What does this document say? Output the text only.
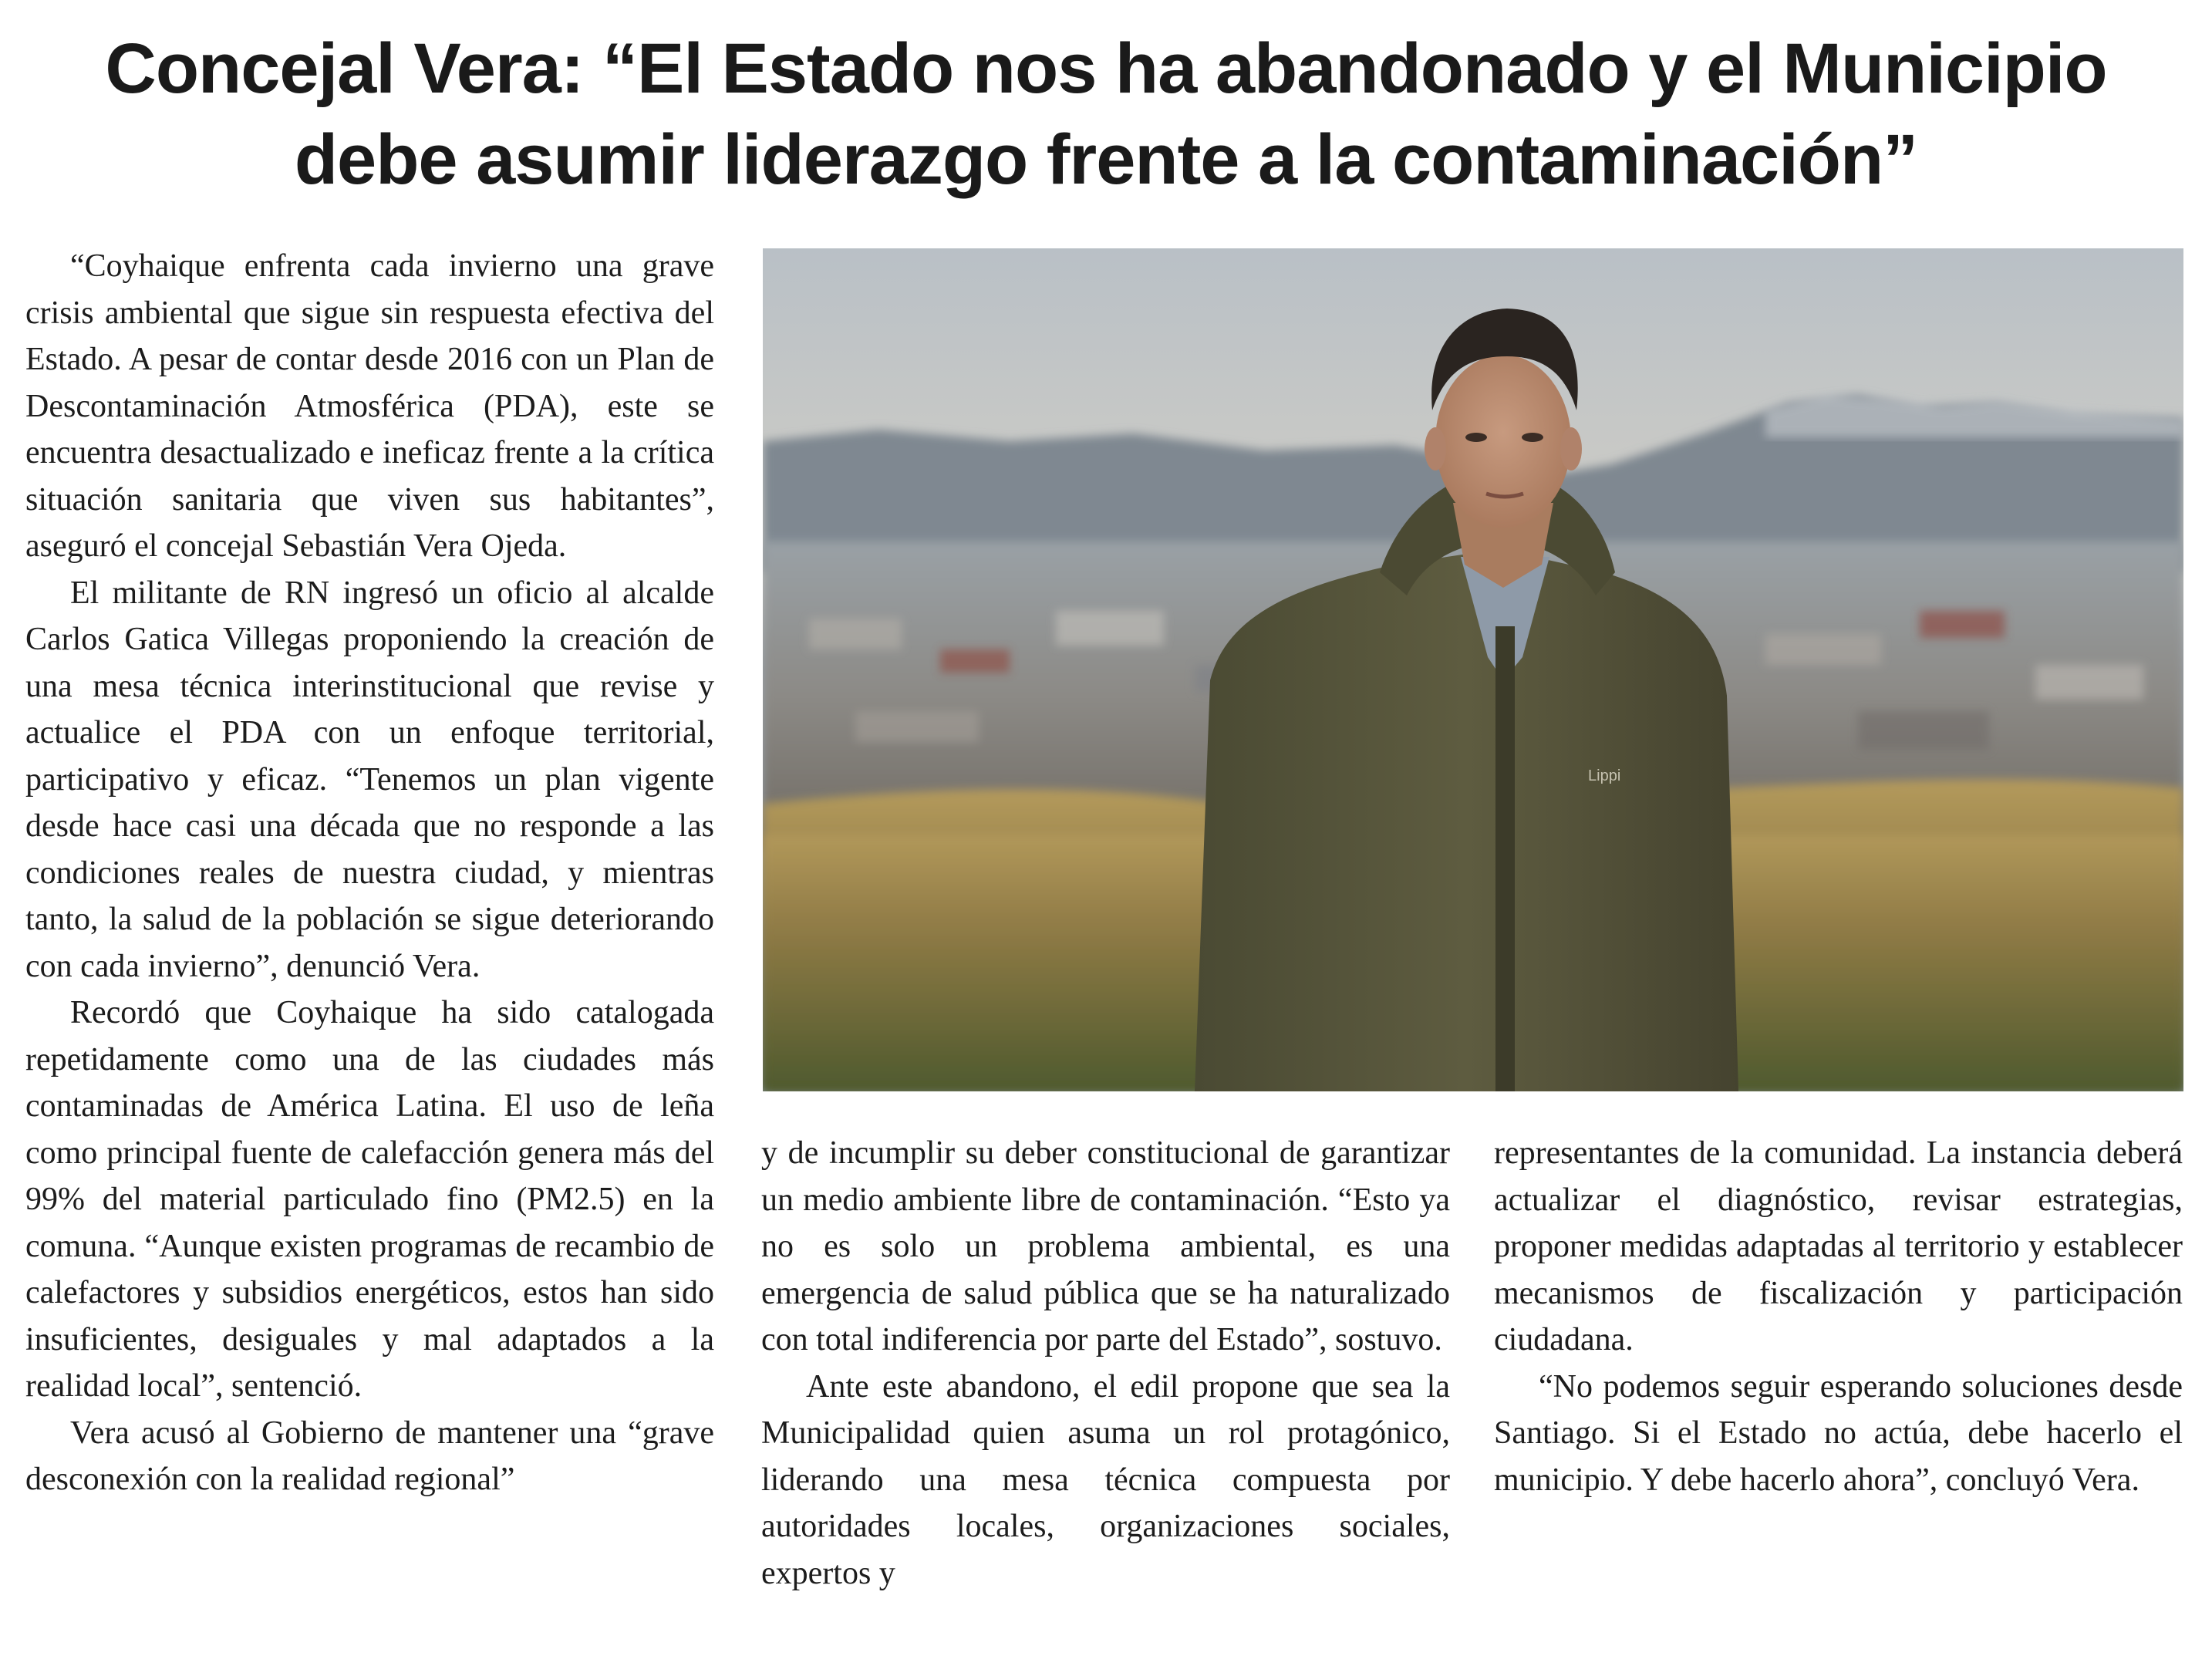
Concejal Vera: “El Estado nos ha abandonado y el Municipio debe asumir liderazgo frente a la contaminación”

“Coyhaique enfrenta cada invierno una grave crisis ambiental que sigue sin respuesta efectiva del Estado. A pesar de contar desde 2016 con un Plan de Descontaminación Atmosférica (PDA), este se encuentra desactualizado e ineficaz frente a la crítica situación sanitaria que viven sus habitantes”, aseguró el concejal Sebastián Vera Ojeda.

El militante de RN ingresó un oficio al alcalde Carlos Gatica Villegas proponiendo la creación de una mesa técnica interinstitucional que revise y actualice el PDA con un enfoque territorial, participativo y eficaz. “Tenemos un plan vigente desde hace casi una década que no responde a las condiciones reales de nuestra ciudad, y mientras tanto, la salud de la población se sigue deteriorando con cada invierno”, denunció Vera.

Recordó que Coyhaique ha sido catalogada repetidamente como una de las ciudades más contaminadas de América Latina. El uso de leña como principal fuente de calefacción genera más del 99% del material particulado fino (PM2.5) en la comuna. “Aunque existen programas de recambio de calefactores y subsidios energéticos, estos han sido insuficientes, desiguales y mal adaptados a la realidad local”, sentenció.

Vera acusó al Gobierno de mantener una “grave desconexión con la realidad regional”

Lippi

y de incumplir su deber constitucional de garantizar un medio ambiente libre de contaminación. “Esto ya no es solo un problema ambiental, es una emergencia de salud pública que se ha naturalizado con total indiferencia por parte del Estado”, sostuvo.

Ante este abandono, el edil propone que sea la Municipalidad quien asuma un rol protagónico, liderando una mesa técnica compuesta por autoridades locales, organizaciones sociales, expertos y

representantes de la comunidad. La instancia deberá actualizar el diagnóstico, revisar estrategias, proponer medidas adaptadas al territorio y establecer mecanismos de fiscalización y participación ciudadana.

“No podemos seguir esperando soluciones desde Santiago. Si el Estado no actúa, debe hacerlo el municipio. Y debe hacerlo ahora”, concluyó Vera.
